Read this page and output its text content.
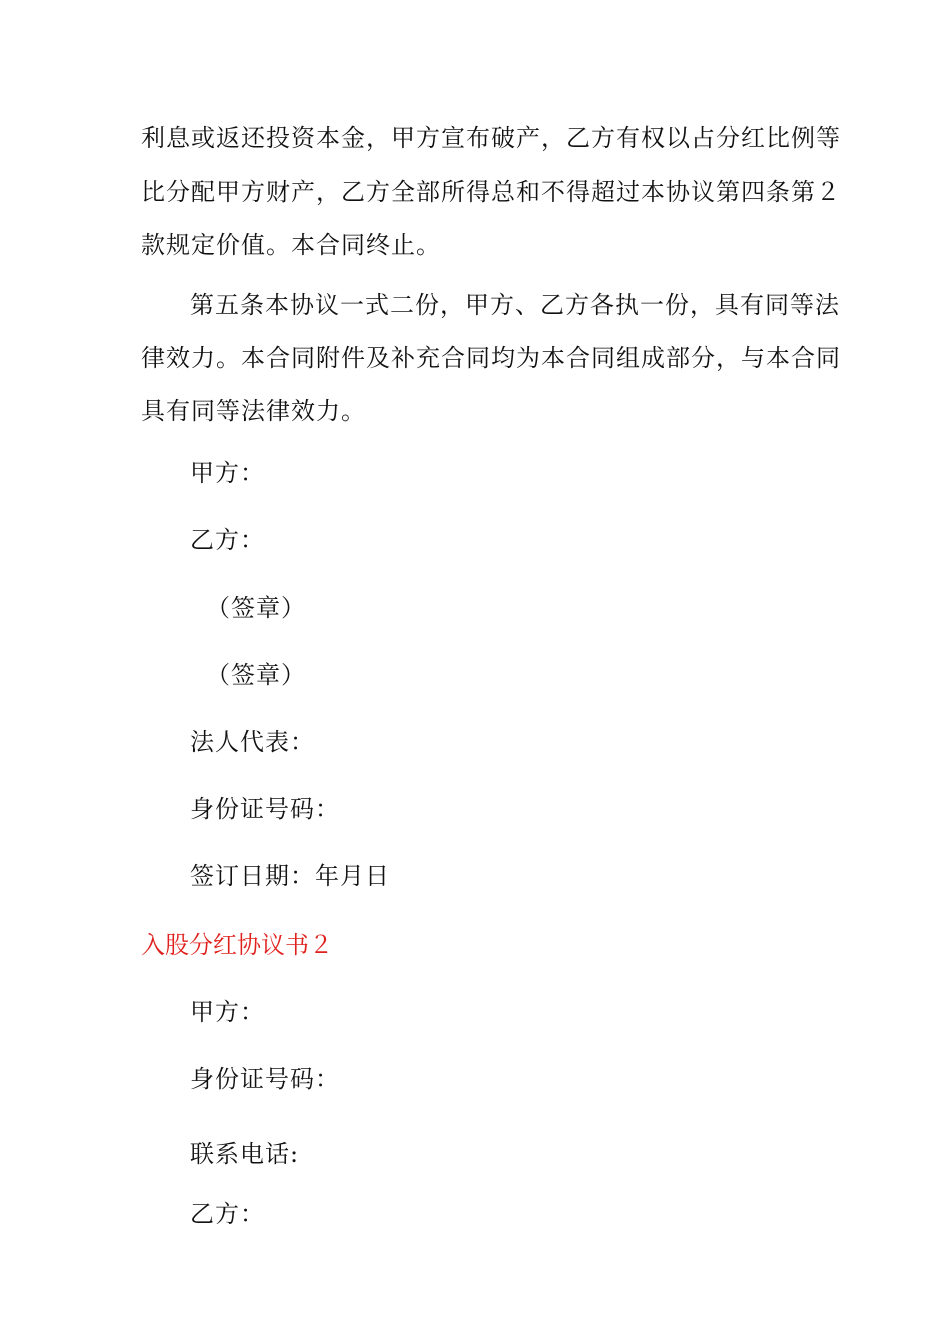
利息或返还投资本金，甲方宣布破产，乙方有权以占分红比例等
比分配甲方财产，乙方全部所得总和不得超过本协议第四条第２
款规定价值。本合同终止。
第五条本协议一式二份，甲方、乙方各执一份，具有同等法
律效力。本合同附件及补充合同均为本合同组成部分，与本合同
具有同等法律效力。
甲方：
乙方：
（签章）
（签章）
法人代表：
身份证号码：
签订日期：年月日
入股分红协议书２
甲方：
身份证号码：
联系电话:
乙方：
